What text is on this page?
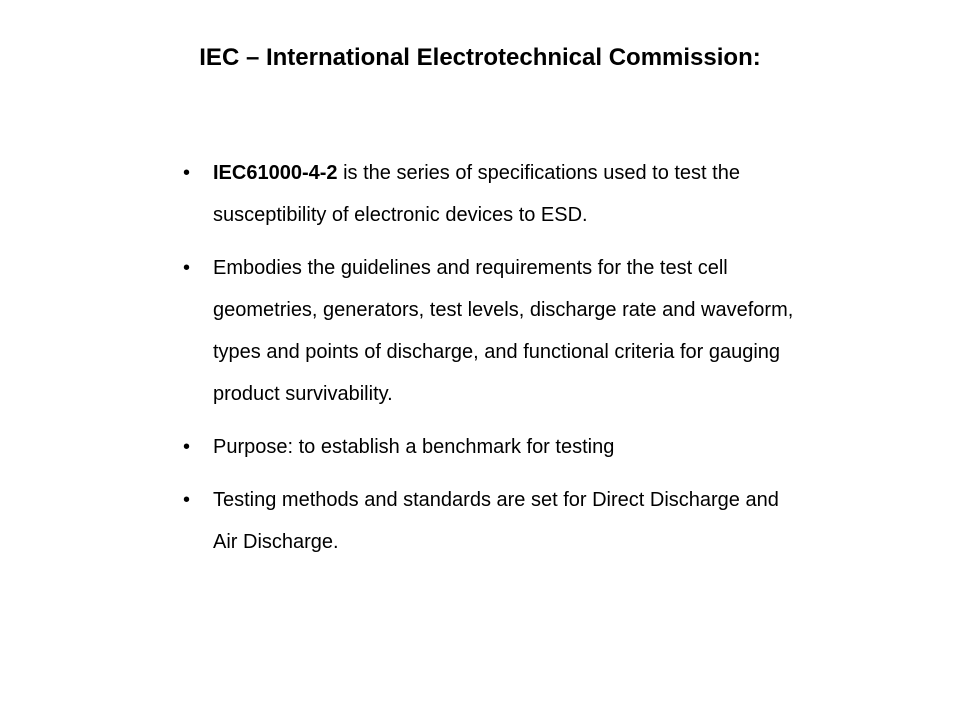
IEC – International Electrotechnical Commission:
•	IEC61000-4-2 is the series of specifications used to test the susceptibility of electronic devices to ESD.
•	Embodies the guidelines and requirements for the test cell geometries, generators, test levels, discharge rate and waveform, types and points of discharge, and functional criteria for gauging product survivability.
•	Purpose: to establish a benchmark for testing
•	Testing methods and standards are set for Direct Discharge and Air Discharge.
